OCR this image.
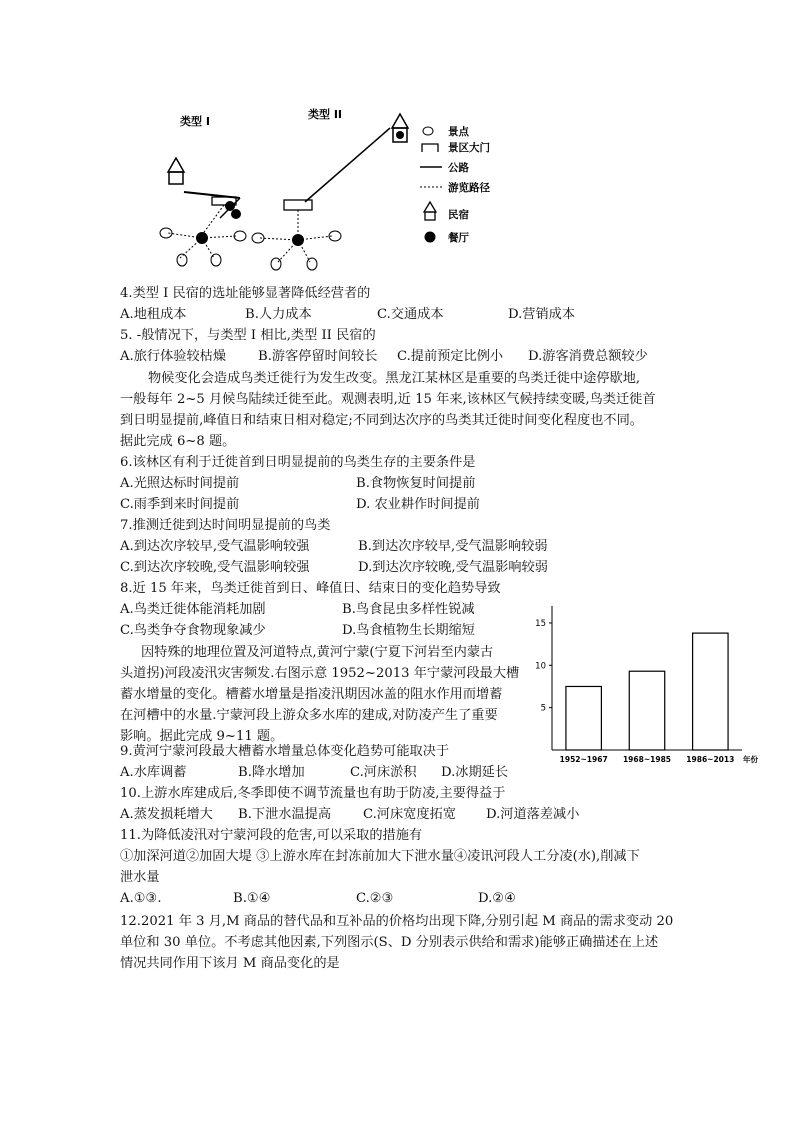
类型 I
类型 II
景点
景区大门
公路
游览路径
民宿
餐厅
4.类型 I 民宿的选址能够显著降低经营者的
A.地租成本	B.人力成本	C.交通成本	D.营销成本
5. -般情况下，与类型 I 相比,类型 II 民宿的
A.旅行体验较枯燥 B.游客停留时间较长 C.提前预定比例小 D.游客消费总额较少
物候变化会造成鸟类迁徙行为发生改变。黑龙江某林区是重要的鸟类迁徙中途停歇地,
一般每年 2~5 月候鸟陆续迁徙至此。观测表明,近 15 年来,该林区气候持续变暖,鸟类迁徙首
到日明显提前,峰值日和结束日相对稳定;不同到达次序的鸟类其迁徙时间变化程度也不同。
据此完成 6~8 题。
6.该林区有利于迁徙首到日明显提前的鸟类生存的主要条件是
A.光照达标时间提前	B.食物恢复时间提前
C.雨季到来时间提前	D. 农业耕作时间提前
7.推测迁徙到达时间明显提前的鸟类
A.到达次序较早,受气温影响较强	B.到达次序较早,受气温影响较弱
C.到达次序较晚,受气温影响较强	D.到达次序较晚,受气温影响较弱
8.近 15 年来，鸟类迁徙首到日、峰值日、结束日的变化趋势导致
A.鸟类迁徙体能消耗加剧	B.鸟食昆虫多样性锐减
C.鸟类争夺食物现象减少	D.鸟食植物生长期缩短
因特殊的地理位置及河道特点,黄河宁蒙(宁夏下河岩至内蒙古
头道拐)河段凌汛灾害频发.右图示意 1952~2013 年宁蒙河段最大槽
蓄水增量的变化。槽蓄水增量是指凌汛期因冰盖的阻水作用而增蓄
在河槽中的水量.宁蒙河段上游众多水库的建成,对防凌产生了重要
影响。据此完成 9~11 题。
5
10
15
1952~1967 1968~1985 1986~2013 年份
9.黄河宁蒙河段最大槽蓄水增量总体变化趋势可能取决于
A.水库调蓄	B.降水增加	C.河床淤积 D.冰期延长
10.上游水库建成后,冬季即使不调节流量也有助于防凌,主要得益于
A.蒸发损耗增大 B.下泄水温提高 C.河床宽度拓宽 D.河道落差减小
11.为降低凌汛对宁蒙河段的危害,可以采取的措施有
①加深河道②加固大堤 ③上游水库在封冻前加大下泄水量④凌讯河段人工分凌(水),削减下
泄水量
A.①③.	B.①④	C.②③	D.②④
12.2021 年 3 月,M 商品的替代品和互补品的价格均出现下降,分别引起 M 商品的需求变动 20
单位和 30 单位。不考虑其他因素,下列图示(S、D 分别表示供给和需求)能够正确描述在上述
情况共同作用下该月 M 商品变化的是
